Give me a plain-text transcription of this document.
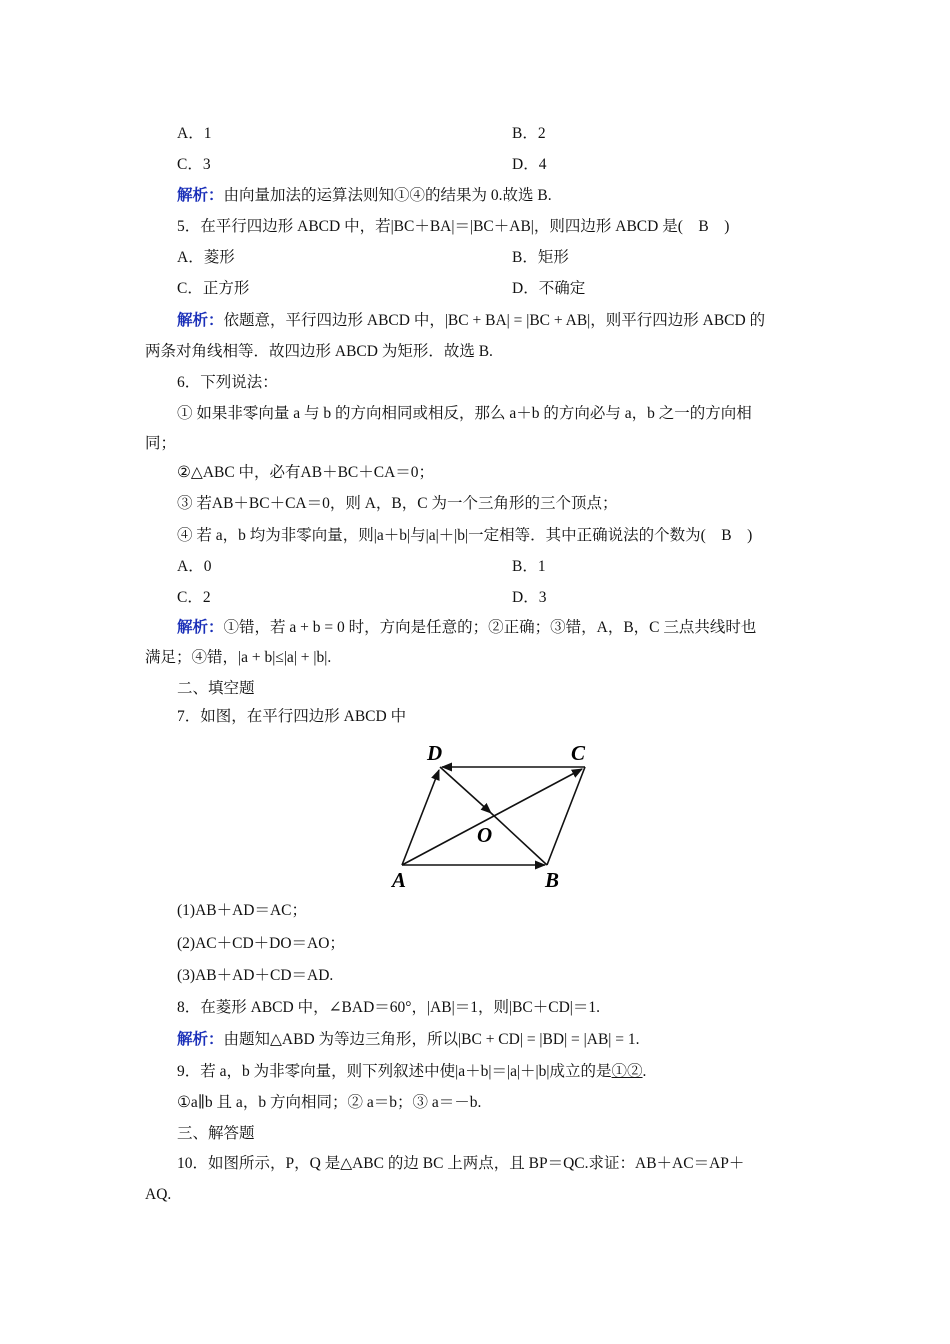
A．1	B．2
C．3	D．4
解析：由向量加法的运算法则知①④的结果为 0.故选 B.
5．在平行四边形 ABCD 中，若|BC＋BA|＝|BC＋AB|，则四边形 ABCD 是(　B　)
A．菱形	B．矩形
C．正方形	D．不确定
解析：依题意，平行四边形 ABCD 中，|BC + BA| = |BC + AB|，则平行四边形 ABCD 的
两条对角线相等．故四边形 ABCD 为矩形．故选 B.
6．下列说法：
① 如果非零向量 a 与 b 的方向相同或相反，那么 a＋b 的方向必与 a，b 之一的方向相
同；
②△ABC 中，必有AB＋BC＋CA＝0；
③ 若AB＋BC＋CA＝0，则 A，B，C 为一个三角形的三个顶点；
④ 若 a，b 均为非零向量，则|a＋b|与|a|＋|b|一定相等．其中正确说法的个数为(　B　)
A．0	B．1
C．2	D．3
解析：①错，若 a + b = 0 时，方向是任意的；②正确；③错，A，B，C 三点共线时也
满足；④错，|a + b|≤|a| + |b|.
二、填空题
7．如图，在平行四边形 ABCD 中
D	C
O
A	B
(1)AB＋AD＝AC；
(2)AC＋CD＋DO＝AO；
(3)AB＋AD＋CD＝AD.
8．在菱形 ABCD 中，∠BAD＝60°，|AB|＝1，则|BC＋CD|＝1.
解析：由题知△ABD 为等边三角形，所以|BC + CD| = |BD| = |AB| = 1.
9．若 a，b 为非零向量，则下列叙述中使|a＋b|＝|a|＋|b|成立的是①②.
①a∥b 且 a，b 方向相同；② a＝b；③ a＝－b.
三、解答题
10．如图所示，P，Q 是△ABC 的边 BC 上两点，且 BP＝QC.求证：AB＋AC＝AP＋
AQ.
